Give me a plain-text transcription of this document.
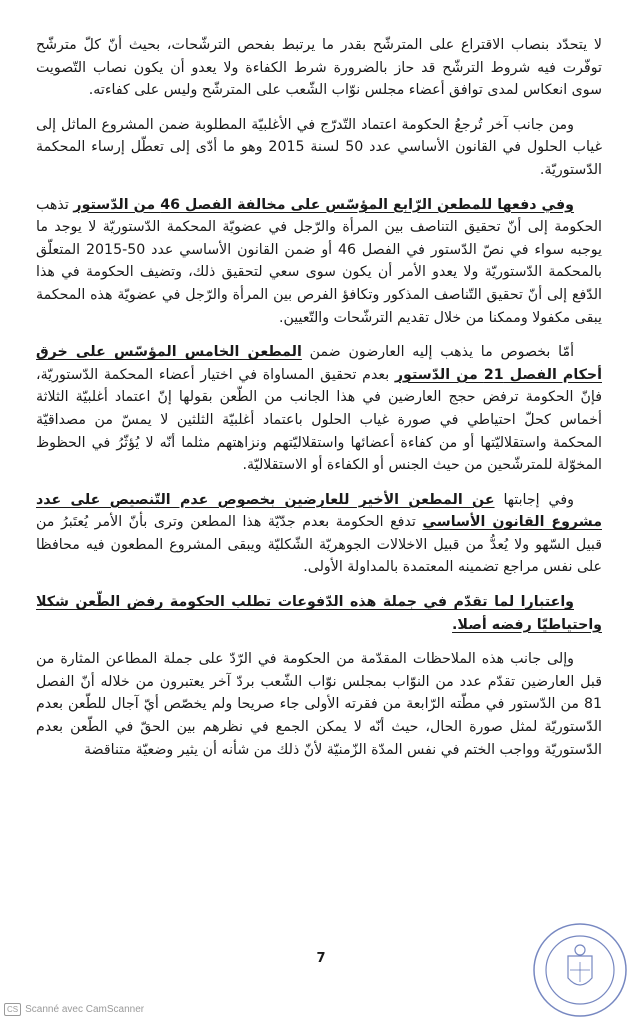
لا يتحدّد بنصاب الاقتراع على المترشّح بقدر ما يرتبط بفحص الترشّحات، بحيث أنّ كلّ مترشّح توفّرت فيه شروط الترشّح قد حاز بالضرورة شرط الكفاءة ولا يعدو أن يكون نصاب التّصويت سوى انعكاس لمدى توافق أعضاء مجلس نوّاب الشّعب على المترشّح وليس على كفاءته.

ومن جانب آخر تُرجعُ الحكومة اعتماد التّدرّج في الأغلبيّة المطلوبة ضمن المشروع الماثل إلى غياب الحلول في القانون الأساسي عدد 50 لسنة 2015 وهو ما أدّى إلى تعطّل إرساء المحكمة الدّستوريّة.

وفي دفعها للمطعن الرّابع المؤسّس على مخالفة الفصل 46 من الدّستور تذهب الحكومة إلى أنّ تحقيق التناصف بين المرأة والرّجل في عضويّة المحكمة الدّستوريّة لا يوجد ما يوجبه سواء في نصّ الدّستور في الفصل 46 أو ضمن القانون الأساسي عدد 50-2015 المتعلّق بالمحكمة الدّستوريّة ولا يعدو الأمر أن يكون سوى سعي لتحقيق ذلك، وتضيف الحكومة في هذا الدّفع إلى أنّ تحقيق التّناصف المذكور وتكافؤ الفرص بين المرأة والرّجل في عضويّة هذه المحكمة يبقى مكفولا وممكنا من خلال تقديم الترشّحات والتّعيين.

أمّا بخصوص ما يذهب إليه العارضون ضمن المطعن الخامس المؤسّس على خرق أحكام الفصل 21 من الدّستور بعدم تحقيق المساواة في اختيار أعضاء المحكمة الدّستوريّة، فإنّ الحكومة ترفض حجج العارضين في هذا الجانب من الطّعن بقولها إنّ اعتماد أغلبيّة الثلاثة أخماس كحلّ احتياطي في صورة غياب الحلول باعتماد أغلبيّة الثلثين لا يمسّ من مصداقيّة المحكمة واستقلاليّتها أو من كفاءة أعضائها واستقلاليّتهم ونزاهتهم مثلما أنّه لا يُؤثّرُ في الحظوظ المخوّلة للمترشّحين من حيث الجنس أو الكفاءة أو الاستقلاليّة.

وفي إجابتها عن المطعن الأخير للعارضين بخصوص عدم التّنصيص على عدد مشروع القانون الأساسي تدفع الحكومة بعدم جدّيّة هذا المطعن وترى بأنّ الأمر يُعتَبرُ من قبيل السّهو ولا يُعدُّ من قبيل الاخلالات الجوهريّة الشّكليّة ويبقى المشروع المطعون فيه محافظا على نفس مراجع تضمينه المعتمدة بالمداولة الأولى.

واعتبارا لما تقدّم في جملة هذه الدّفوعات تطلب الحكومة رفض الطّعن شكلا واحتياطيّا رفضه أصلا.

وإلى جانب هذه الملاحظات المقدّمة من الحكومة في الرّدّ على جملة المطاعن المثارة من قبل العارضين تقدّم عدد من النوّاب بمجلس نوّاب الشّعب بردّ آخر يعتبرون من خلاله أنّ الفصل 81 من الدّستور في مطّته الرّابعة من فقرته الأولى جاء صريحا ولم يخصّص أيّ آجال للطّعن بعدم الدّستوريّة لمثل صورة الحال، حيث أنّه لا يمكن الجمع في نظرهم بين الحقّ في الطّعن بعدم الدّستوريّة وواجب الختم في نفس المدّة الزّمنيّة لأنّ ذلك من شأنه أن يثير وضعيّة متناقضة

7
CS Scanné avec CamScanner
